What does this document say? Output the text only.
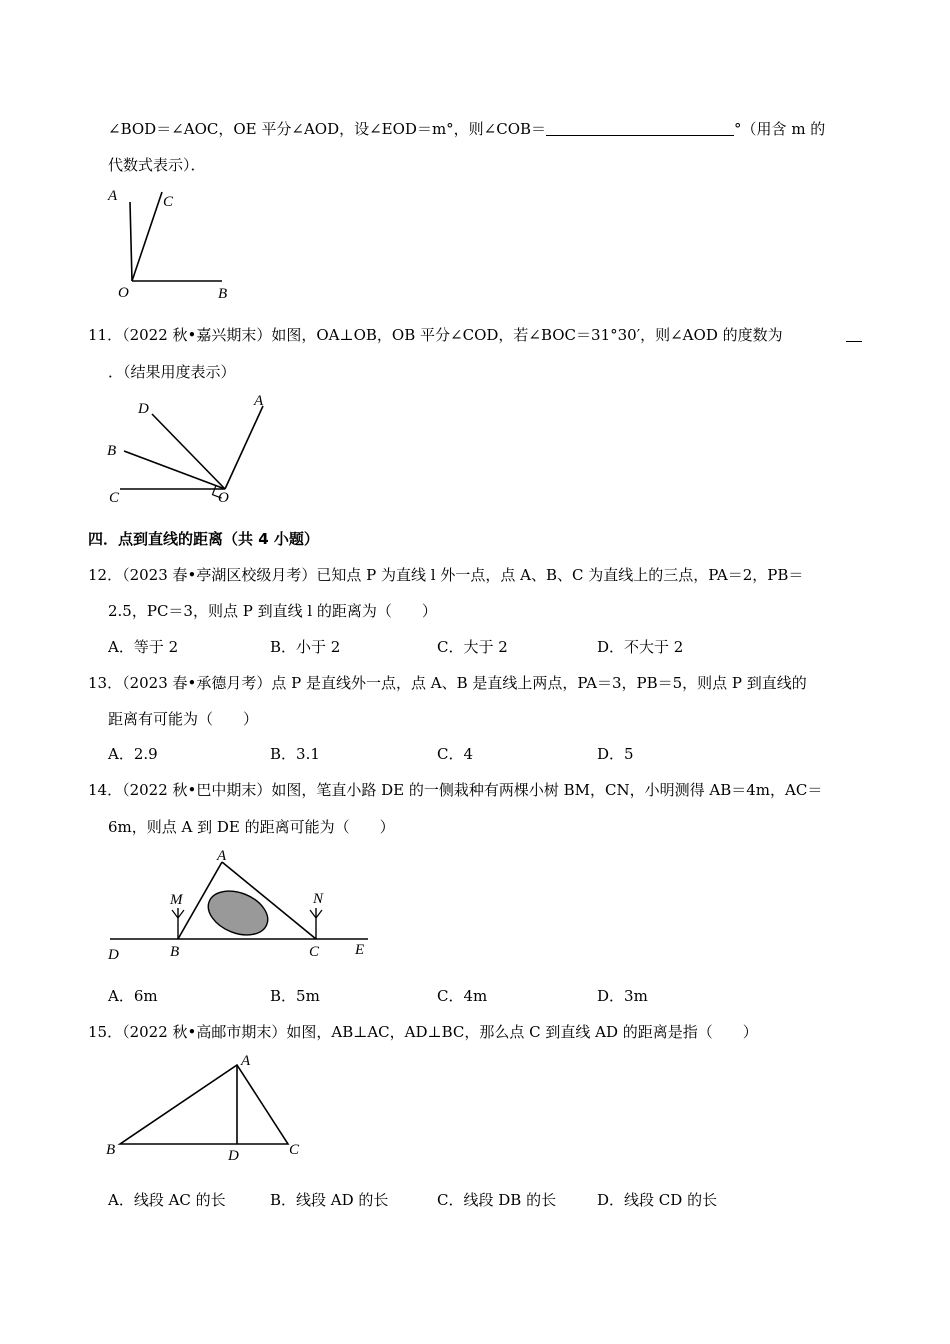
∠BOD＝∠AOC，OE 平分∠AOD，设∠EOD＝m°，则∠COB＝	°（用含 m 的
代数式表示）．
A	C
O	B
11．（2022 秋•嘉兴期末）如图，OA⊥OB，OB 平分∠COD，若∠BOC＝31°30′，则∠AOD 的度数为
．（结果用度表示）
D	A
B
C	O
四．点到直线的距离（共 4 小题）
12．（2023 春•亭湖区校级月考）已知点 P 为直线 l 外一点，点 A、B、C 为直线上的三点，PA＝2，PB＝
2.5，PC＝3，则点 P 到直线 l 的距离为（　　）
A．等于 2	B．小于 2	C．大于 2	D．不大于 2
13．（2023 春•承德月考）点 P 是直线外一点，点 A、B 是直线上两点，PA＝3，PB＝5，则点 P 到直线的
距离有可能为（　　）
A．2.9	B．3.1	C．4	D．5
14．（2022 秋•巴中期末）如图，笔直小路 DE 的一侧栽种有两棵小树 BM，CN，小明测得 AB＝4m，AC＝
6m，则点 A 到 DE 的距离可能为（　　）
A
M	N
D	B	C E
A．6m	B．5m	C．4m	D．3m
15．（2022 秋•高邮市期末）如图，AB⊥AC，AD⊥BC，那么点 C 到直线 AD 的距离是指（　　）
A
B	D	C
A．线段 AC 的长	B．线段 AD 的长	C．线段 DB 的长	D．线段 CD 的长
